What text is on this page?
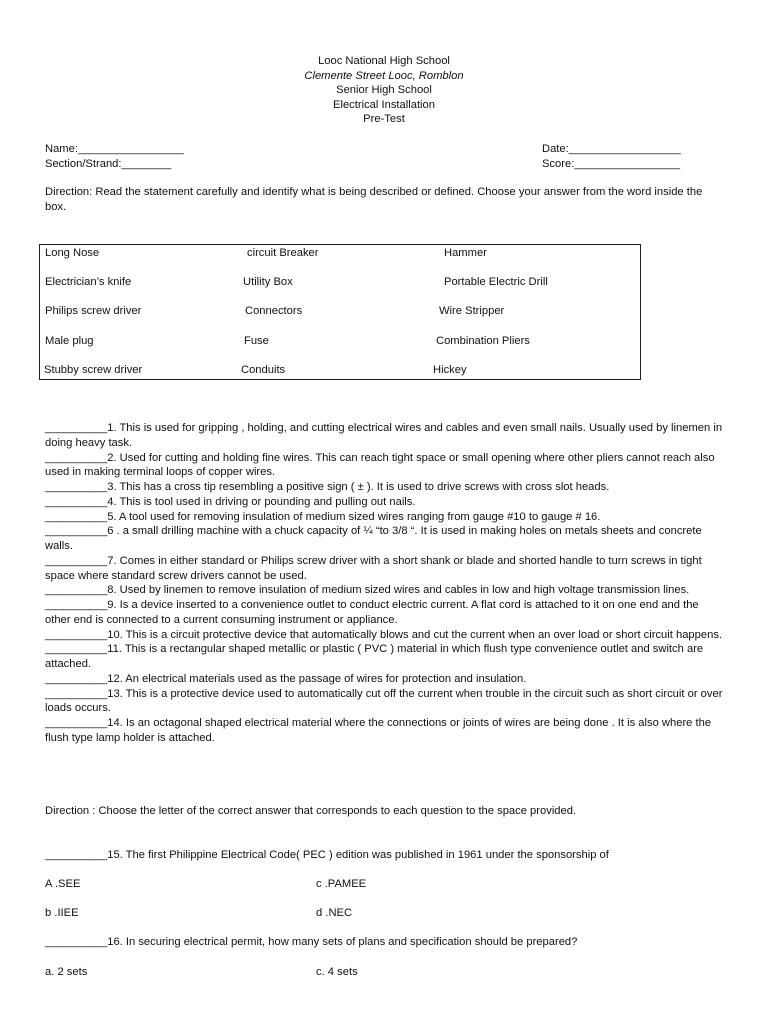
Looc National High School
Clemente Street Looc, Romblon
Senior High School
Electrical Installation
Pre-Test
Name:_________________	Date:__________________
Section/Strand:________	Score:_________________
Direction: Read the statement carefully and identify what is being described or defined. Choose your answer from the word inside the box.
Long Nose	circuit Breaker	Hammer
Electrician’s knife	Utility Box	Portable Electric Drill
Philips screw driver	Connectors	Wire Stripper
Male plug	Fuse	Combination Pliers
Stubby screw driver	Conduits	Hickey
__________1. This is used for gripping , holding, and cutting electrical wires and cables and even small nails. Usually used by linemen in doing heavy task.
__________2. Used for cutting and holding fine wires. This can reach tight space or small opening where other pliers cannot reach also used in making terminal loops of copper wires.
__________3. This has a cross tip resembling a positive sign ( ± ). It is used to drive screws with cross slot heads.
__________4. This is tool used in driving or pounding and pulling out nails.
__________5. A tool used for removing insulation of medium sized wires ranging from gauge #10 to gauge # 16.
__________6 . a small drilling machine with a chuck capacity of ¼ “to 3/8 “. It is used in making holes on metals sheets and concrete walls.
__________7. Comes in either standard or Philips screw driver with a short shank or blade and shorted handle to turn screws in tight space where standard screw drivers cannot be used.
__________8. Used by linemen to remove insulation of medium sized wires and cables in low and high voltage transmission lines.
__________9. Is a device inserted to a convenience outlet to conduct electric current. A flat cord is attached to it on one end and the other end is connected to a current consuming instrument or appliance.
__________10. This is a circuit protective device that automatically blows and cut the current when an over load or short circuit happens.
__________11. This is a rectangular shaped metallic or plastic ( PVC ) material in which flush type convenience outlet and switch are attached.
__________12. An electrical materials used as the passage of wires for protection and insulation.
__________13. This is a protective device used to automatically cut off the current when trouble in the circuit such as short circuit or over loads occurs.
__________14. Is an octagonal shaped electrical material where the connections or joints of wires are being done . It is also where the flush type lamp holder is attached.
Direction : Choose the letter of the correct answer that corresponds to each question to the space provided.
__________15. The first Philippine Electrical Code( PEC ) edition was published in 1961 under the sponsorship of
A .SEE	c .PAMEE
b .IIEE	d .NEC
__________16. In securing electrical permit, how many sets of plans and specification should be prepared?
a. 2 sets	c. 4 sets
